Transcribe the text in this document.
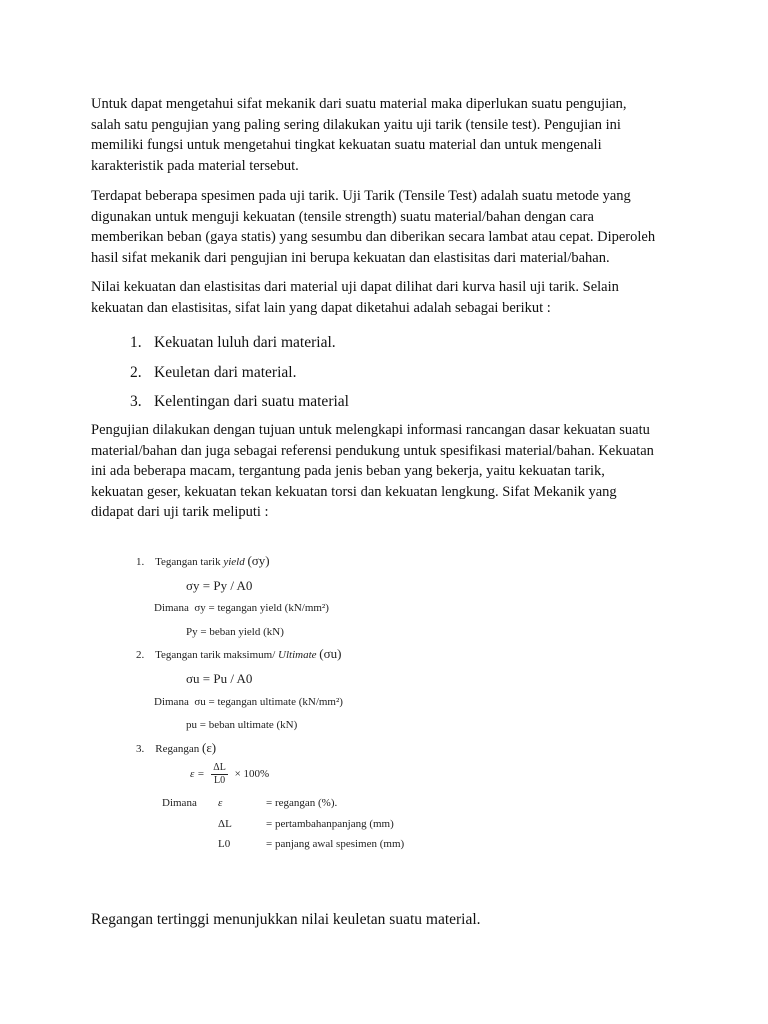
Untuk dapat mengetahui sifat mekanik dari suatu material maka diperlukan suatu pengujian,
salah satu pengujian yang paling sering dilakukan yaitu uji tarik (tensile test). Pengujian ini
memiliki fungsi untuk mengetahui tingkat kekuatan suatu material dan untuk mengenali
karakteristik pada material tersebut.

Terdapat beberapa spesimen pada uji tarik. Uji Tarik (Tensile Test) adalah suatu metode yang
digunakan untuk menguji kekuatan (tensile strength) suatu material/bahan dengan cara
memberikan beban (gaya statis) yang sesumbu dan diberikan secara lambat atau cepat. Diperoleh
hasil sifat mekanik dari pengujian ini berupa kekuatan dan elastisitas dari material/bahan.

Nilai kekuatan dan elastisitas dari material uji dapat dilihat dari kurva hasil uji tarik. Selain
kekuatan dan elastisitas, sifat lain yang dapat diketahui adalah sebagai berikut :

1. Kekuatan luluh dari material.
2. Keuletan dari material.
3. Kelentingan dari suatu material

Pengujian dilakukan dengan tujuan untuk melengkapi informasi rancangan dasar kekuatan suatu
material/bahan dan juga sebagai referensi pendukung untuk spesifikasi material/bahan. Kekuatan
ini ada beberapa macam, tergantung pada jenis beban yang bekerja, yaitu kekuatan tarik,
kekuatan geser, kekuatan tekan kekuatan torsi dan kekuatan lengkung. Sifat Mekanik yang
didapat dari uji tarik meliputi :

1. Tegangan tarik yield (σy)
σy = Py / A0
Dimana σy = tegangan yield (kN/mm²)
Py = beban yield (kN)
2. Tegangan tarik maksimum/ Ultimate (σu)
σu = Pu / A0
Dimana σu = tegangan ultimate (kN/mm²)
pu = beban ultimate (kN)
3. Regangan (ε)
$\varepsilon = \frac{\Delta L}{L0} \times 100\%$
Dimana ε	= regangan (%).
ΔL	= pertambahanpanjang (mm)
L0	= panjang awal spesimen (mm)
Regangan tertinggi menunjukkan nilai keuletan suatu material.
